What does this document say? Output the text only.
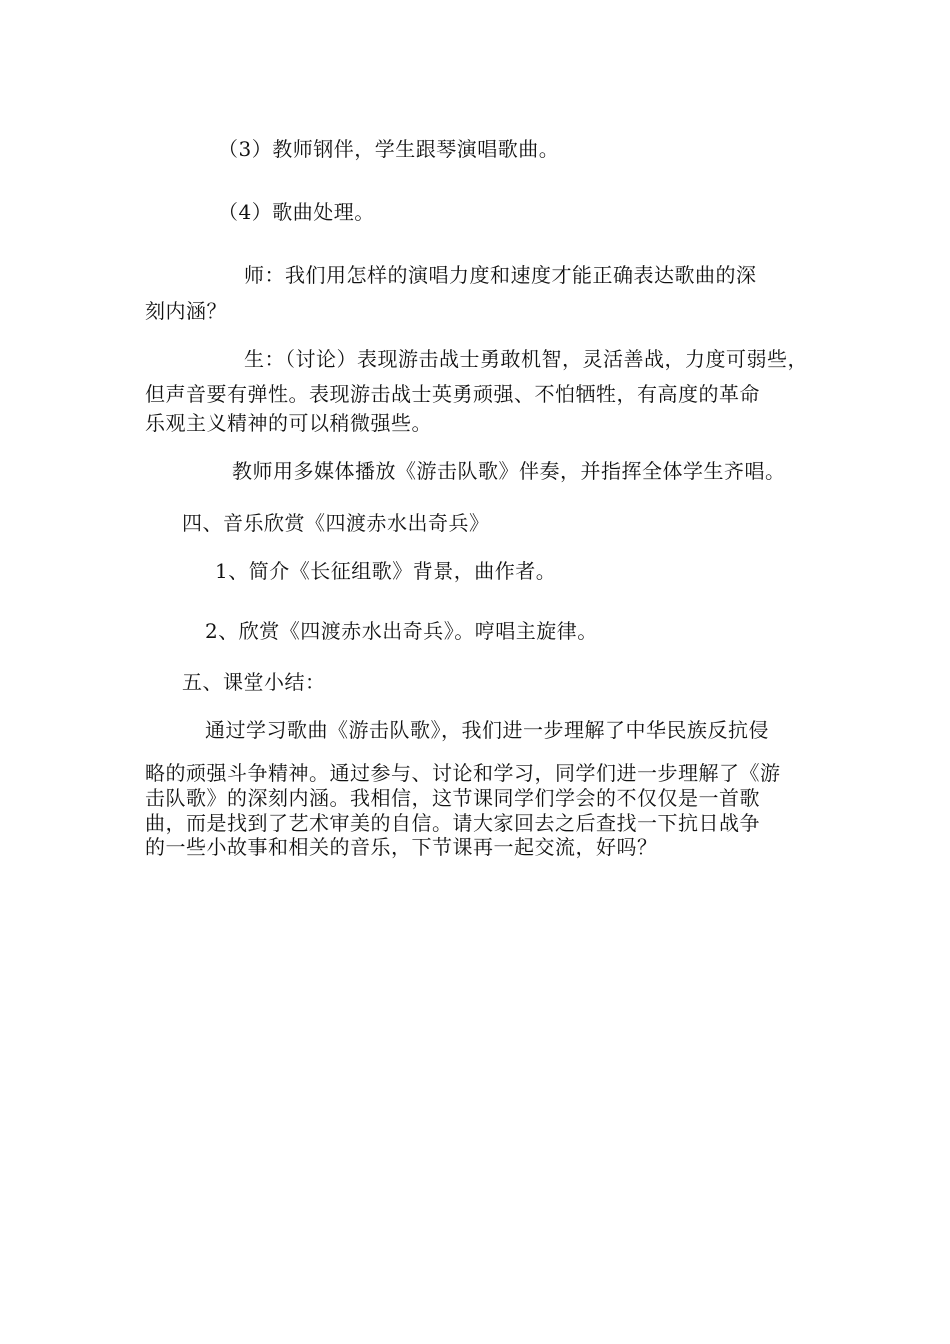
（3）教师钢伴，学生跟琴演唱歌曲。
（4）歌曲处理。
师：我们用怎样的演唱力度和速度才能正确表达歌曲的深
刻内涵？
生：（讨论）表现游击战士勇敢机智，灵活善战，力度可弱些，
但声音要有弹性。表现游击战士英勇顽强、不怕牺牲，有高度的革命
乐观主义精神的可以稍微强些。
教师用多媒体播放《游击队歌》伴奏，并指挥全体学生齐唱。
四、音乐欣赏《四渡赤水出奇兵》
1、简介《长征组歌》背景，曲作者。
2、欣赏《四渡赤水出奇兵》。哼唱主旋律。
五、课堂小结：
通过学习歌曲《游击队歌》，我们进一步理解了中华民族反抗侵
略的顽强斗争精神。通过参与、讨论和学习，同学们进一步理解了《游
击队歌》的深刻内涵。我相信，这节课同学们学会的不仅仅是一首歌
曲，而是找到了艺术审美的自信。请大家回去之后查找一下抗日战争
的一些小故事和相关的音乐，下节课再一起交流，好吗？
